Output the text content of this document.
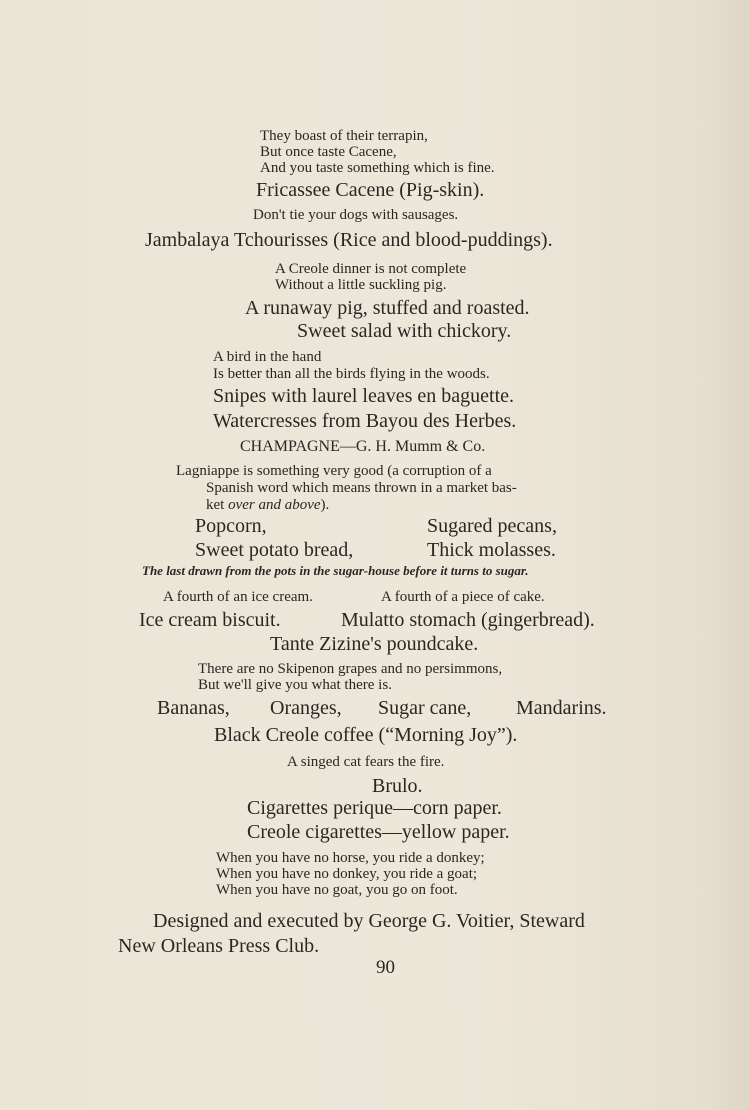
They boast of their terrapin,
But once taste Cacene,
And you taste something which is fine.
Fricassee Cacene (Pig-skin).
Don't tie your dogs with sausages.
Jambalaya Tchourisses (Rice and blood-puddings).
A Creole dinner is not complete
Without a little suckling pig.
A runaway pig, stuffed and roasted.
Sweet salad with chickory.
A bird in the hand
Is better than all the birds flying in the woods.
Snipes with laurel leaves en baguette.
Watercresses from Bayou des Herbes.
CHAMPAGNE—G. H. Mumm & Co.
Lagniappe is something very good (a corruption of a
Spanish word which means thrown in a market bas-
ket over and above).
Popcorn,	Sugared pecans,
Sweet potato bread,	Thick molasses.
The last drawn from the pots in the sugar-house before it turns to sugar.
A fourth of an ice cream.	A fourth of a piece of cake.
Ice cream biscuit.	Mulatto stomach (gingerbread).
Tante Zizine's poundcake.
There are no Skipenon grapes and no persimmons,
But we'll give you what there is.
Bananas, Oranges, Sugar cane, Mandarins.
Black Creole coffee (“Morning Joy”).
A singed cat fears the fire.
Brulo.
Cigarettes perique—corn paper.
Creole cigarettes—yellow paper.
When you have no horse, you ride a donkey;
When you have no donkey, you ride a goat;
When you have no goat, you go on foot.
Designed and executed by George G. Voitier, Steward
New Orleans Press Club.
90
